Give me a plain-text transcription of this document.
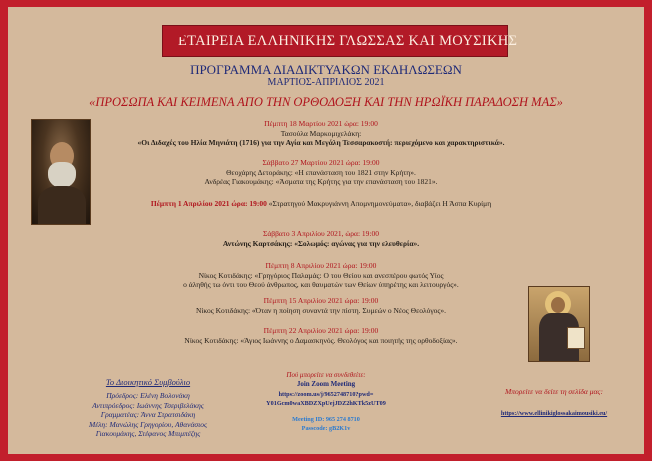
ΕΤΑΙΡΕΙΑ ΕΛΛΗΝΙΚΗΣ ΓΛΩΣΣΑΣ ΚΑΙ ΜΟΥΣΙΚΗΣ
ΠΡΟΓΡΑΜΜΑ ΔΙΑΔΙΚΤΥΑΚΩΝ ΕΚΔΗΛΩΣΕΩΝ
ΜΑΡΤΙΟΣ-ΑΠΡΙΛΙΟΣ 2021
«ΠΡΟΣΩΠΑ ΚΑΙ ΚΕΙΜΕΝΑ ΑΠΟ ΤΗΝ ΟΡΘΟΔΟΞΗ ΚΑΙ ΤΗΝ ΗΡΩΪΚΗ ΠΑΡΑΔΟΣΗ ΜΑΣ»
Πέμπτη 18 Μαρτίου 2021 ώρα: 19:00
Τασούλα Μαρκομιχελάκη:
«Οι Διδαχές του Ηλία Μηνιάτη (1716) για την Αγία και Μεγάλη Τεσσαρακοστή: περιεχόμενο και χαρακτηριστικά».
Σάββατο 27 Μαρτίου 2021 ώρα: 19:00
Θεοχάρης Δετοράκης: «Η επανάσταση του 1821 στην Κρήτη».
Ανδρέας Γιακουμάκης: «Άσματα της Κρήτης για την επανάσταση του 1821».
Πέμπτη 1 Απριλίου 2021 ώρα: 19:00 «Στρατηγού Μακρυγιάννη Απομνημονεύματα», διαβάζει Η Άσπα Κυρίμη
Σάββατο 3 Απριλίου 2021, ώρα: 19:00
Αντώνης Καρτσάκης: «Σολωμός: αγώνας για την ελευθερία».
Πέμπτη 8 Απριλίου 2021 ώρα: 19:00
Νίκος Κοτιδάκης: «Γρηγόριος Παλαμάς: Ο του Θείου και ανεσπέρου φωτός Υίος
ο άληθής τω όντι του Θεού άνθρωπος, και θαυματών των Θείων ύπηρέτης και λειτουργός».
Πέμπτη 15 Απριλίου 2021 ώρα: 19:00
Νίκος Κοτιδάκης: «Όταν η ποίηση συναντά την πίστη. Συμεών ο Νέος Θεολόγος».
Πέμπτη 22 Απριλίου 2021 ώρα: 19:00
Νίκος Κοτιδάκης: «Άγιος Ιωάννης ο Δαμασκηνός. Θεολόγος και ποιητής της ορθοδοξίας».
Το Διοικητικό Συμβούλιο
Πρόεδρος: Ελένη Βολονάκη
Αντιπρόεδρος: Ιωάννης Τσεριβελάκης
Γραμματέας: Άννα Στρατσιδάκη
Μέλη: Μανώλης Γρηγορίου, Αθανάσιος
Γιακουμάκης, Στέφανος Μπιμπέζης
Πού μπορείτε να συνδεθείτε:
Join Zoom Meeting
https://zoom.us/j/9652748710?pwd=
Y01Gcm0waXBDZXpUejJDZ2hKTk5zUT09
Meeting ID: 965 274 8710
Passcode: gB2K1v
Μπορείτε να δείτε τη σελίδα μας:
https://www.ellinikiglossakaimousiki.eu/
